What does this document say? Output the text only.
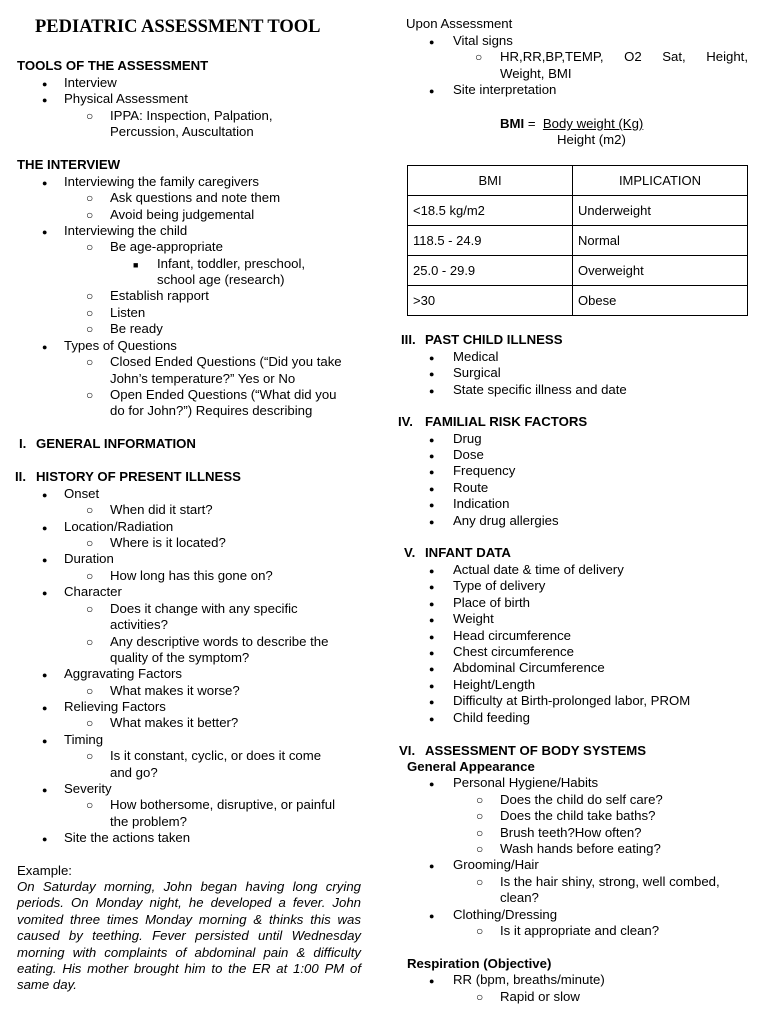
PEDIATRIC ASSESSMENT TOOL
TOOLS OF THE ASSESSMENT
●
Interview
●
Physical Assessment
○
IPPA: Inspection, Palpation,
Percussion, Auscultation
THE INTERVIEW
●
Interviewing the family caregivers
○
Ask questions and note them
○
Avoid being judgemental
●
Interviewing the child
○
Be age-appropriate
■
Infant, toddler, preschool,
school age (research)
○
Establish rapport
○
Listen
○
Be ready
●
Types of Questions
○
Closed Ended Questions (“Did you take
John’s temperature?” Yes or No
○
Open Ended Questions (“What did you
do for John?”) Requires describing
I. GENERAL INFORMATION
II. HISTORY OF PRESENT ILLNESS
●
Onset
○
When did it start?
●
Location/Radiation
○
Where is it located?
●
Duration
○
How long has this gone on?
●
Character
○
Does it change with any specific
activities?
○
Any descriptive words to describe the
quality of the symptom?
●
Aggravating Factors
○
What makes it worse?
●
Relieving Factors
○
What makes it better?
●
Timing
○
Is it constant, cyclic, or does it come
and go?
●
Severity
○
How bothersome, disruptive, or painful
the problem?
●
Site the actions taken
Example:
On Saturday morning, John began having long crying periods. On Monday night, he developed a fever. John vomited three times Monday morning & thinks this was caused by teething. Fever persisted until Wednesday morning with complaints of abdominal pain & difficulty eating. His mother brought him to the ER at 1:00 PM of same day.
Upon Assessment
●
Vital signs
○
HR,RR,BP,TEMP, O2 Sat, Height,
Weight, BMI
●
Site interpretation
BMI =  Body weight (Kg)
Height (m2)
BMI	IMPLICATION
<18.5 kg/m2	Underweight
118.5 - 24.9	Normal
25.0 - 29.9	Overweight
>30	Obese
III. PAST CHILD ILLNESS
●
Medical
●
Surgical
●
State specific illness and date
IV. FAMILIAL RISK FACTORS
●
Drug
●
Dose
●
Frequency
●
Route
●
Indication
●
Any drug allergies
V. INFANT DATA
●
Actual date & time of delivery
●
Type of delivery
●
Place of birth
●
Weight
●
Head circumference
●
Chest circumference
●
Abdominal Circumference
●
Height/Length
●
Difficulty at Birth-prolonged labor, PROM
●
Child feeding
VI. ASSESSMENT OF BODY SYSTEMS
General Appearance
●
Personal Hygiene/Habits
○
Does the child do self care?
○
Does the child take baths?
○
Brush teeth?How often?
○
Wash hands before eating?
●
Grooming/Hair
○
Is the hair shiny, strong, well combed,
clean?
●
Clothing/Dressing
○
Is it appropriate and clean?
Respiration (Objective)
●
RR (bpm, breaths/minute)
○
Rapid or slow
